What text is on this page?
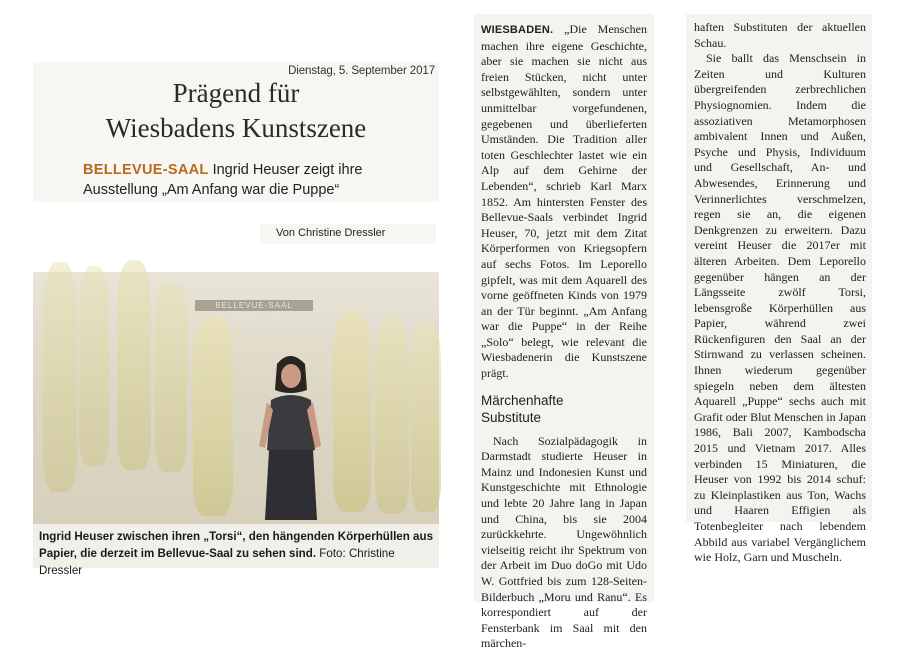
Dienstag, 5. September 2017
Prägend für
Wiesbadens Kunstszene
BELLEVUE-SAAL Ingrid Heuser zeigt ihre
Ausstellung „Am Anfang war die Puppe“
Von Christine Dressler
BELLEVUE-SAAL AUSSTELLUNG
Ingrid Heuser zwischen ihren „Torsi“, den hängenden Körperhüllen aus Papier, die derzeit im Bellevue-Saal zu sehen sind. Foto: Christine Dressler

WIESBADEN. „Die Menschen machen ihre eigene Geschichte, aber sie machen sie nicht aus freien Stücken, nicht unter selbstgewählten, sondern unter unmittelbar vorgefundenen, gegebenen und überlieferten Umständen. Die Tradition aller toten Geschlechter lastet wie ein Alp auf dem Gehirne der Lebenden“, schrieb Karl Marx 1852. Am hintersten Fenster des Bellevue-Saals verbindet Ingrid Heuser, 70, jetzt mit dem Zitat Körperformen von Kriegsopfern auf sechs Fotos. Im Leporello gipfelt, was mit dem Aquarell des vorne geöffneten Kinds von 1979 an der Tür beginnt. „Am Anfang war die Puppe“ in der Reihe „Solo“ belegt, wie relevant die Wiesbadenerin die Kunstszene prägt.

Märchenhafte
Substitute

Nach Sozialpädagogik in Darmstadt studierte Heuser in Mainz und Indonesien Kunst und Kunstgeschichte mit Ethnologie und lebte 20 Jahre lang in Japan und China, bis sie 2004 zurückkehrte. Ungewöhnlich vielseitig reicht ihr Spektrum von der Arbeit im Duo doGo mit Udo W. Gottfried bis zum 128-Seiten-Bilderbuch „Moru und Ranu“. Es korrespondiert auf der Fensterbank im Saal mit den märchen-

haften Substituten der aktuellen Schau.

Sie ballt das Menschsein in Zeiten und Kulturen übergreifenden zerbrechlichen Physiognomien. Indem die assoziativen Metamorphosen ambivalent Innen und Außen, Psyche und Physis, Individuum und Gesellschaft, An- und Abwesendes, Erinnerung und Verinnerlichtes verschmelzen, regen sie an, die eigenen Denkgrenzen zu erweitern. Dazu vereint Heuser die 2017er mit älteren Arbeiten. Dem Leporello gegenüber hängen an der Längsseite zwölf Torsi, lebensgroße Körperhüllen aus Papier, während zwei Rückenfiguren den Saal an der Stirnwand zu verlassen scheinen. Ihnen wiederum gegenüber spiegeln neben dem ältesten Aquarell „Puppe“ sechs auch mit Grafit oder Blut Menschen in Japan 1986, Bali 2007, Kambodscha 2015 und Vietnam 2017. Alles verbinden 15 Miniaturen, die Heuser von 1992 bis 2014 schuf: zu Kleinplastiken aus Ton, Wachs und Haaren Effigien als Totenbegleiter nach lebendem Abbild aus variabel Vergänglichem wie Holz, Garn und Muscheln.
